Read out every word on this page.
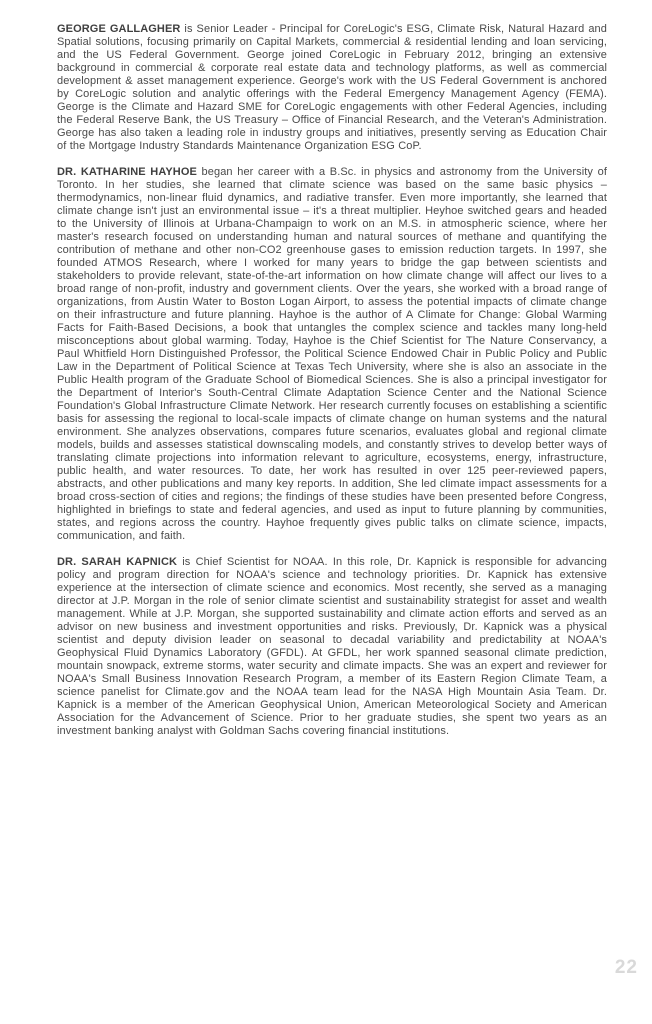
GEORGE GALLAGHER is Senior Leader - Principal for CoreLogic's ESG, Climate Risk, Natural Hazard and Spatial solutions, focusing primarily on Capital Markets, commercial & residential lending and loan servicing, and the US Federal Government. George joined CoreLogic in February 2012, bringing an extensive background in commercial & corporate real estate data and technology platforms, as well as commercial development & asset management experience. George's work with the US Federal Government is anchored by CoreLogic solution and analytic offerings with the Federal Emergency Management Agency (FEMA). George is the Climate and Hazard SME for CoreLogic engagements with other Federal Agencies, including the Federal Reserve Bank, the US Treasury – Office of Financial Research, and the Veteran's Administration. George has also taken a leading role in industry groups and initiatives, presently serving as Education Chair of the Mortgage Industry Standards Maintenance Organization ESG CoP.

DR. KATHARINE HAYHOE began her career with a B.Sc. in physics and astronomy from the University of Toronto. In her studies, she learned that climate science was based on the same basic physics – thermodynamics, non-linear fluid dynamics, and radiative transfer. Even more importantly, she learned that climate change isn't just an environmental issue – it's a threat multiplier. Heyhoe switched gears and headed to the University of Illinois at Urbana-Champaign to work on an M.S. in atmospheric science, where her master's research focused on understanding human and natural sources of methane and quantifying the contribution of methane and other non-CO2 greenhouse gases to emission reduction targets. In 1997, she founded ATMOS Research, where I worked for many years to bridge the gap between scientists and stakeholders to provide relevant, state-of-the-art information on how climate change will affect our lives to a broad range of non-profit, industry and government clients. Over the years, she worked with a broad range of organizations, from Austin Water to Boston Logan Airport, to assess the potential impacts of climate change on their infrastructure and future planning. Hayhoe is the author of A Climate for Change: Global Warming Facts for Faith-Based Decisions, a book that untangles the complex science and tackles many long-held misconceptions about global warming. Today, Hayhoe is the Chief Scientist for The Nature Conservancy, a Paul Whitfield Horn Distinguished Professor, the Political Science Endowed Chair in Public Policy and Public Law in the Department of Political Science at Texas Tech University, where she is also an associate in the Public Health program of the Graduate School of Biomedical Sciences. She is also a principal investigator for the Department of Interior's South-Central Climate Adaptation Science Center and the National Science Foundation's Global Infrastructure Climate Network. Her research currently focuses on establishing a scientific basis for assessing the regional to local-scale impacts of climate change on human systems and the natural environment. She analyzes observations, compares future scenarios, evaluates global and regional climate models, builds and assesses statistical downscaling models, and constantly strives to develop better ways of translating climate projections into information relevant to agriculture, ecosystems, energy, infrastructure, public health, and water resources. To date, her work has resulted in over 125 peer-reviewed papers, abstracts, and other publications and many key reports. In addition, She led climate impact assessments for a broad cross-section of cities and regions; the findings of these studies have been presented before Congress, highlighted in briefings to state and federal agencies, and used as input to future planning by communities, states, and regions across the country. Hayhoe frequently gives public talks on climate science, impacts, communication, and faith.

DR. SARAH KAPNICK is Chief Scientist for NOAA. In this role, Dr. Kapnick is responsible for advancing policy and program direction for NOAA's science and technology priorities. Dr. Kapnick has extensive experience at the intersection of climate science and economics. Most recently, she served as a managing director at J.P. Morgan in the role of senior climate scientist and sustainability strategist for asset and wealth management. While at J.P. Morgan, she supported sustainability and climate action efforts and served as an advisor on new business and investment opportunities and risks. Previously, Dr. Kapnick was a physical scientist and deputy division leader on seasonal to decadal variability and predictability at NOAA's Geophysical Fluid Dynamics Laboratory (GFDL). At GFDL, her work spanned seasonal climate prediction, mountain snowpack, extreme storms, water security and climate impacts. She was an expert and reviewer for NOAA's Small Business Innovation Research Program, a member of its Eastern Region Climate Team, a science panelist for Climate.gov and the NOAA team lead for the NASA High Mountain Asia Team. Dr. Kapnick is a member of the American Geophysical Union, American Meteorological Society and American Association for the Advancement of Science. Prior to her graduate studies, she spent two years as an investment banking analyst with Goldman Sachs covering financial institutions.

22
